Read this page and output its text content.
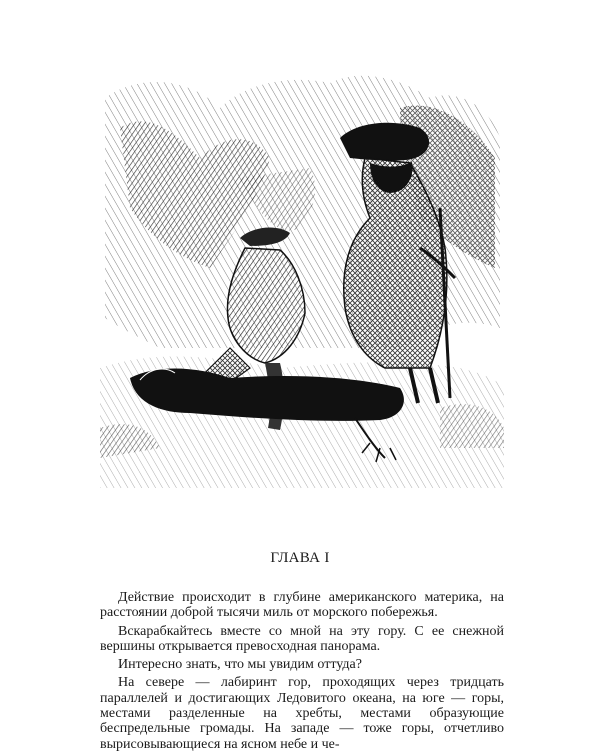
ГЛАВА I

Действие происходит в глубине американского материка, на расстоянии доброй тысячи миль от морского побережья.

Вскарабкайтесь вместе со мной на эту гору. С ее снежной вершины открывается превосходная панорама.

Интересно знать, что мы увидим оттуда?

На севере — лабиринт гор, проходящих через тридцать параллелей и достигающих Ледовитого океана, на юге — горы, местами разделенные на хребты, местами образующие беспредельные громады. На западе — тоже горы, отчетливо вырисовывающиеся на ясном небе и че-
